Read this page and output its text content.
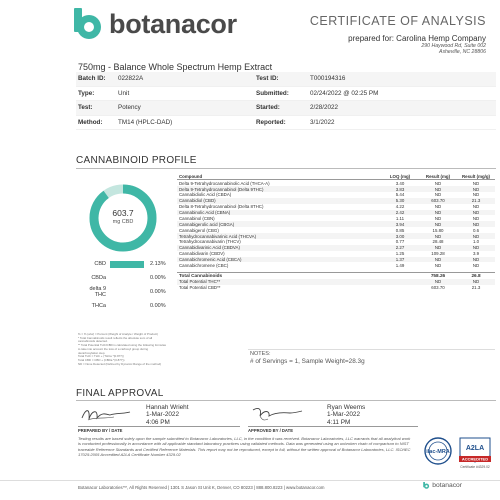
botanacor	CERTIFICATE OF ANALYSIS
prepared for: Carolina Hemp Company
290 Haywood Rd, Suite 002
Asheville, NC 28806
750mg - Balance Whole Spectrum Hemp Extract
Batch ID:	022822A	Test ID:	T000194316
Type:	Unit	Submitted:	02/24/2022 @ 02:25 PM
Test:	Potency	Started:	2/28/2022
Method:	TM14 (HPLC-DAD)	Reported:	3/1/2022
CANNABINOID PROFILE
603.7
mg CBD
CBD	2.13%
CBDa	0.00%
delta 9 THC	0.00%
THCa	0.00%
Compound	LOQ (mg)	Result (mg)	Result (mg/g)
Delta 9-Tetrahydrocannabinolic Acid (THCA-A)	3.40	ND	ND
Delta 9-Tetrahydrocannabinol (Delta 9THC)	3.83	ND	ND
Cannabidiolic Acid (CBDA)	5.44	ND	ND
Cannabidiol (CBD)	5.30	603.70	21.3
Delta 8-Tetrahydrocannabinol (Delta 8THC)	4.22	ND	ND
Cannabinolic Acid (CBNA)	2.42	ND	ND
Cannabinol (CBN)	1.11	ND	ND
Cannabigerolic acid (CBGA)	3.94	ND	ND
Cannabigerol (CBG)	0.85	15.80	0.6
Tetrahydrocannabivarinic Acid (THCVA)	3.00	ND	ND
Tetrahydrocannabivarin (THCV)	0.77	28.48	1.0
Cannabidivarinic Acid (CBDVA)	2.27	ND	ND
Cannabidivarin (CBDV)	1.25	109.28	3.9
Cannabichromenic Acid (CBCA)	1.37	ND	ND
Cannabichromene (CBC)	1.49	ND	ND

Total Cannabinoids		758.26	26.8
Total Potential THC**		ND	ND
Total Potential CBD**		603.70	21.3
% = % (w/w) = Percent (Weight of Analyte / Weight of Product)
* Total Cannabinoids result reflects the absolute sum of all
cannabinoids detected.
** Total Potential THC/CBD is calculated using the following formulas
to take into account the loss of a carboxyl group during
decarboxylation step.
Total THC = THC + (THCa *(0.877))
Total CBD = CBD + (CBDa *(0.877))
ND = None Detected (Defined by Dynamic Range of the method)
NOTES:
# of Servings = 1, Sample Weight=28.3g
FINAL APPROVAL
Hannah Wrieht
1-Mar-2022
4:06 PM
PREPARED BY / DATE
Ryan Weems
1-Mar-2022
4:11 PM
APPROVED BY / DATE
Testing results are based solely upon the sample submitted to Botanacor Laboratories, LLC, in the condition it was received. Botanacor Laboratories, LLC warrants that all analytical work is conducted professionally in accordance with all applicable standard laboratory practices using validated methods. Data was generated using an unbroken chain of comparison to NIST traceable Reference Standards and Certified Reference Materials. This report may not be reproduced, except in full, without the written approval of Botanacor Laboratories, LLC. ISO/IEC 17025:2005 Accredited A2LA Certificate Number 4329.02	ilac-MRA A2LA
ACCREDITED
Certificate #4329.02
Botanacor Laboratories™, All Rights Reserved | 1301 S Jason St Unit K, Denver, CO 80223 | 888.800.8223 | www.botanacor.com	botanacor
